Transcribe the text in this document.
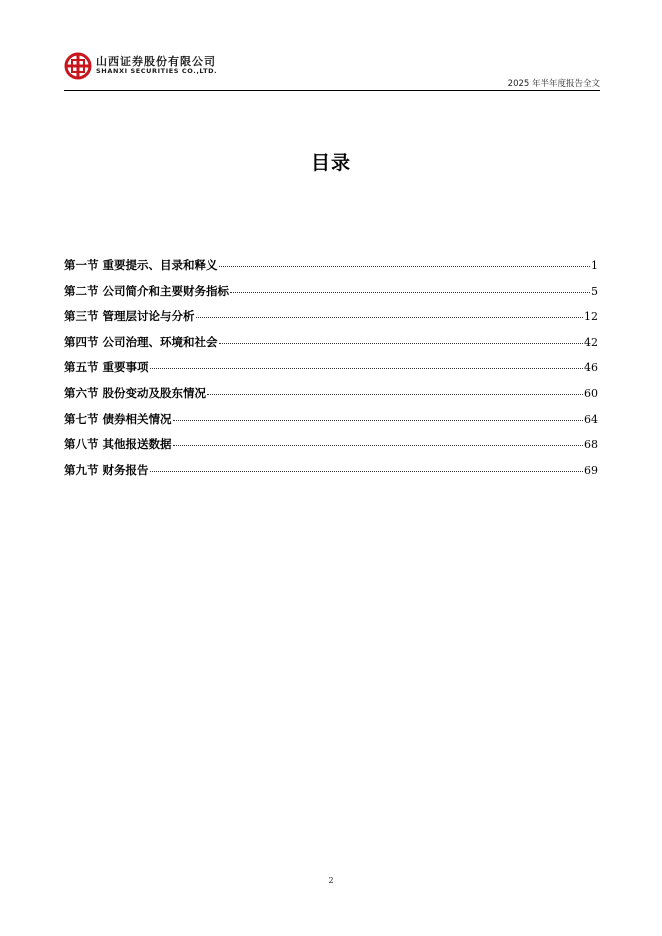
山西证券股份有限公司
SHANXI SECURITIES CO.,LTD.
2025 年半年度报告全文
目录
第一节 重要提示、目录和释义	1
第二节 公司简介和主要财务指标	5
第三节 管理层讨论与分析	12
第四节 公司治理、环境和社会	42
第五节 重要事项	46
第六节 股份变动及股东情况	60
第七节 债券相关情况	64
第八节 其他报送数据	68
第九节 财务报告	69
2
